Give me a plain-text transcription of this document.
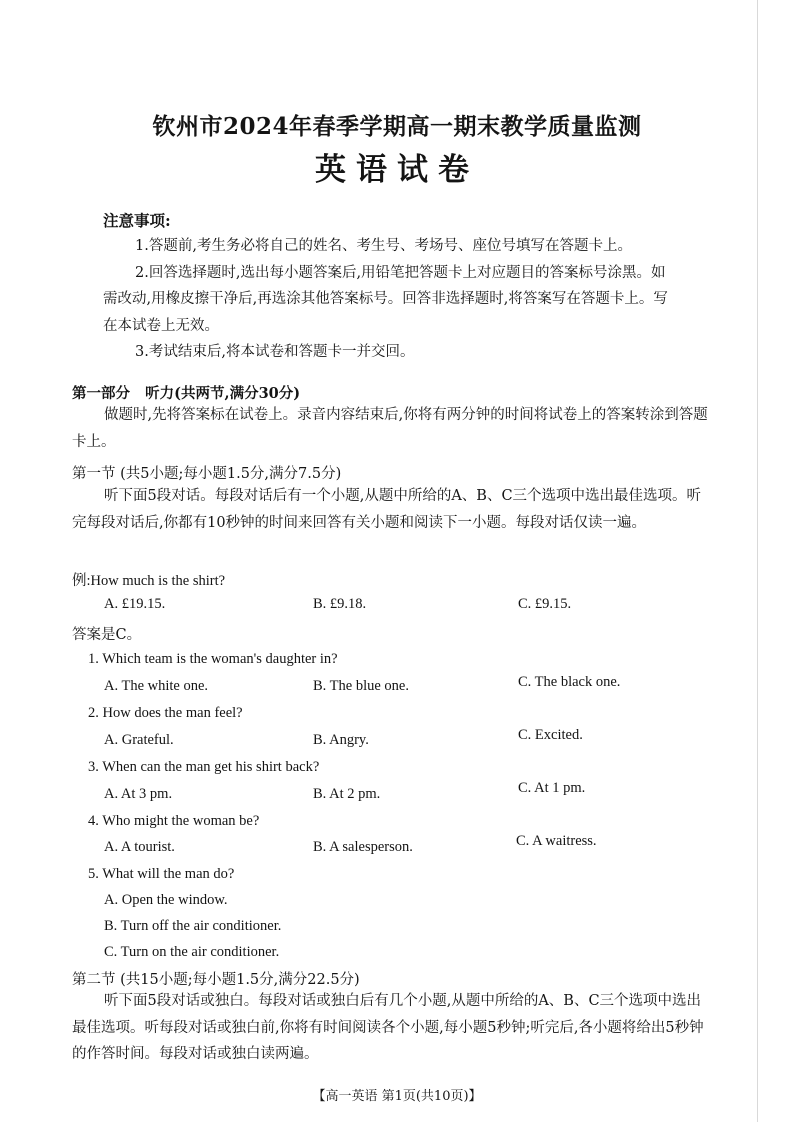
钦州市2024年春季学期高一期末教学质量监测
英语试卷
注意事项:
1.答题前,考生务必将自己的姓名、考生号、考场号、座位号填写在答题卡上。
2.回答选择题时,选出每小题答案后,用铅笔把答题卡上对应题目的答案标号涂黑。如需改动,用橡皮擦干净后,再选涂其他答案标号。回答非选择题时,将答案写在答题卡上。写在本试卷上无效。
3.考试结束后,将本试卷和答题卡一并交回。
第一部分 听力(共两节,满分30分)
做题时,先将答案标在试卷上。录音内容结束后,你将有两分钟的时间将试卷上的答案转涂到答题卡上。
第一节 (共5小题;每小题1.5分,满分7.5分)
听下面5段对话。每段对话后有一个小题,从题中所给的A、B、C三个选项中选出最佳选项。听完每段对话后,你都有10秒钟的时间来回答有关小题和阅读下一小题。每段对话仅读一遍。
例:How much is the shirt?
A. £19.15.	B. £9.18.	C. £9.15.
答案是C。
1. Which team is the woman's daughter in?
A. The white one.	B. The blue one.	C. The black one.
2. How does the man feel?
A. Grateful.	B. Angry.	C. Excited.
3. When can the man get his shirt back?
A. At 3 pm.	B. At 2 pm.	C. At 1 pm.
4. Who might the woman be?
A. A tourist.	B. A salesperson.	C. A waitress.
5. What will the man do?
A. Open the window.
B. Turn off the air conditioner.
C. Turn on the air conditioner.
第二节 (共15小题;每小题1.5分,满分22.5分)
听下面5段对话或独白。每段对话或独白后有几个小题,从题中所给的A、B、C三个选项中选出最佳选项。听每段对话或独白前,你将有时间阅读各个小题,每小题5秒钟;听完后,各小题将给出5秒钟的作答时间。每段对话或独白读两遍。
【高一英语 第1页(共10页)】
